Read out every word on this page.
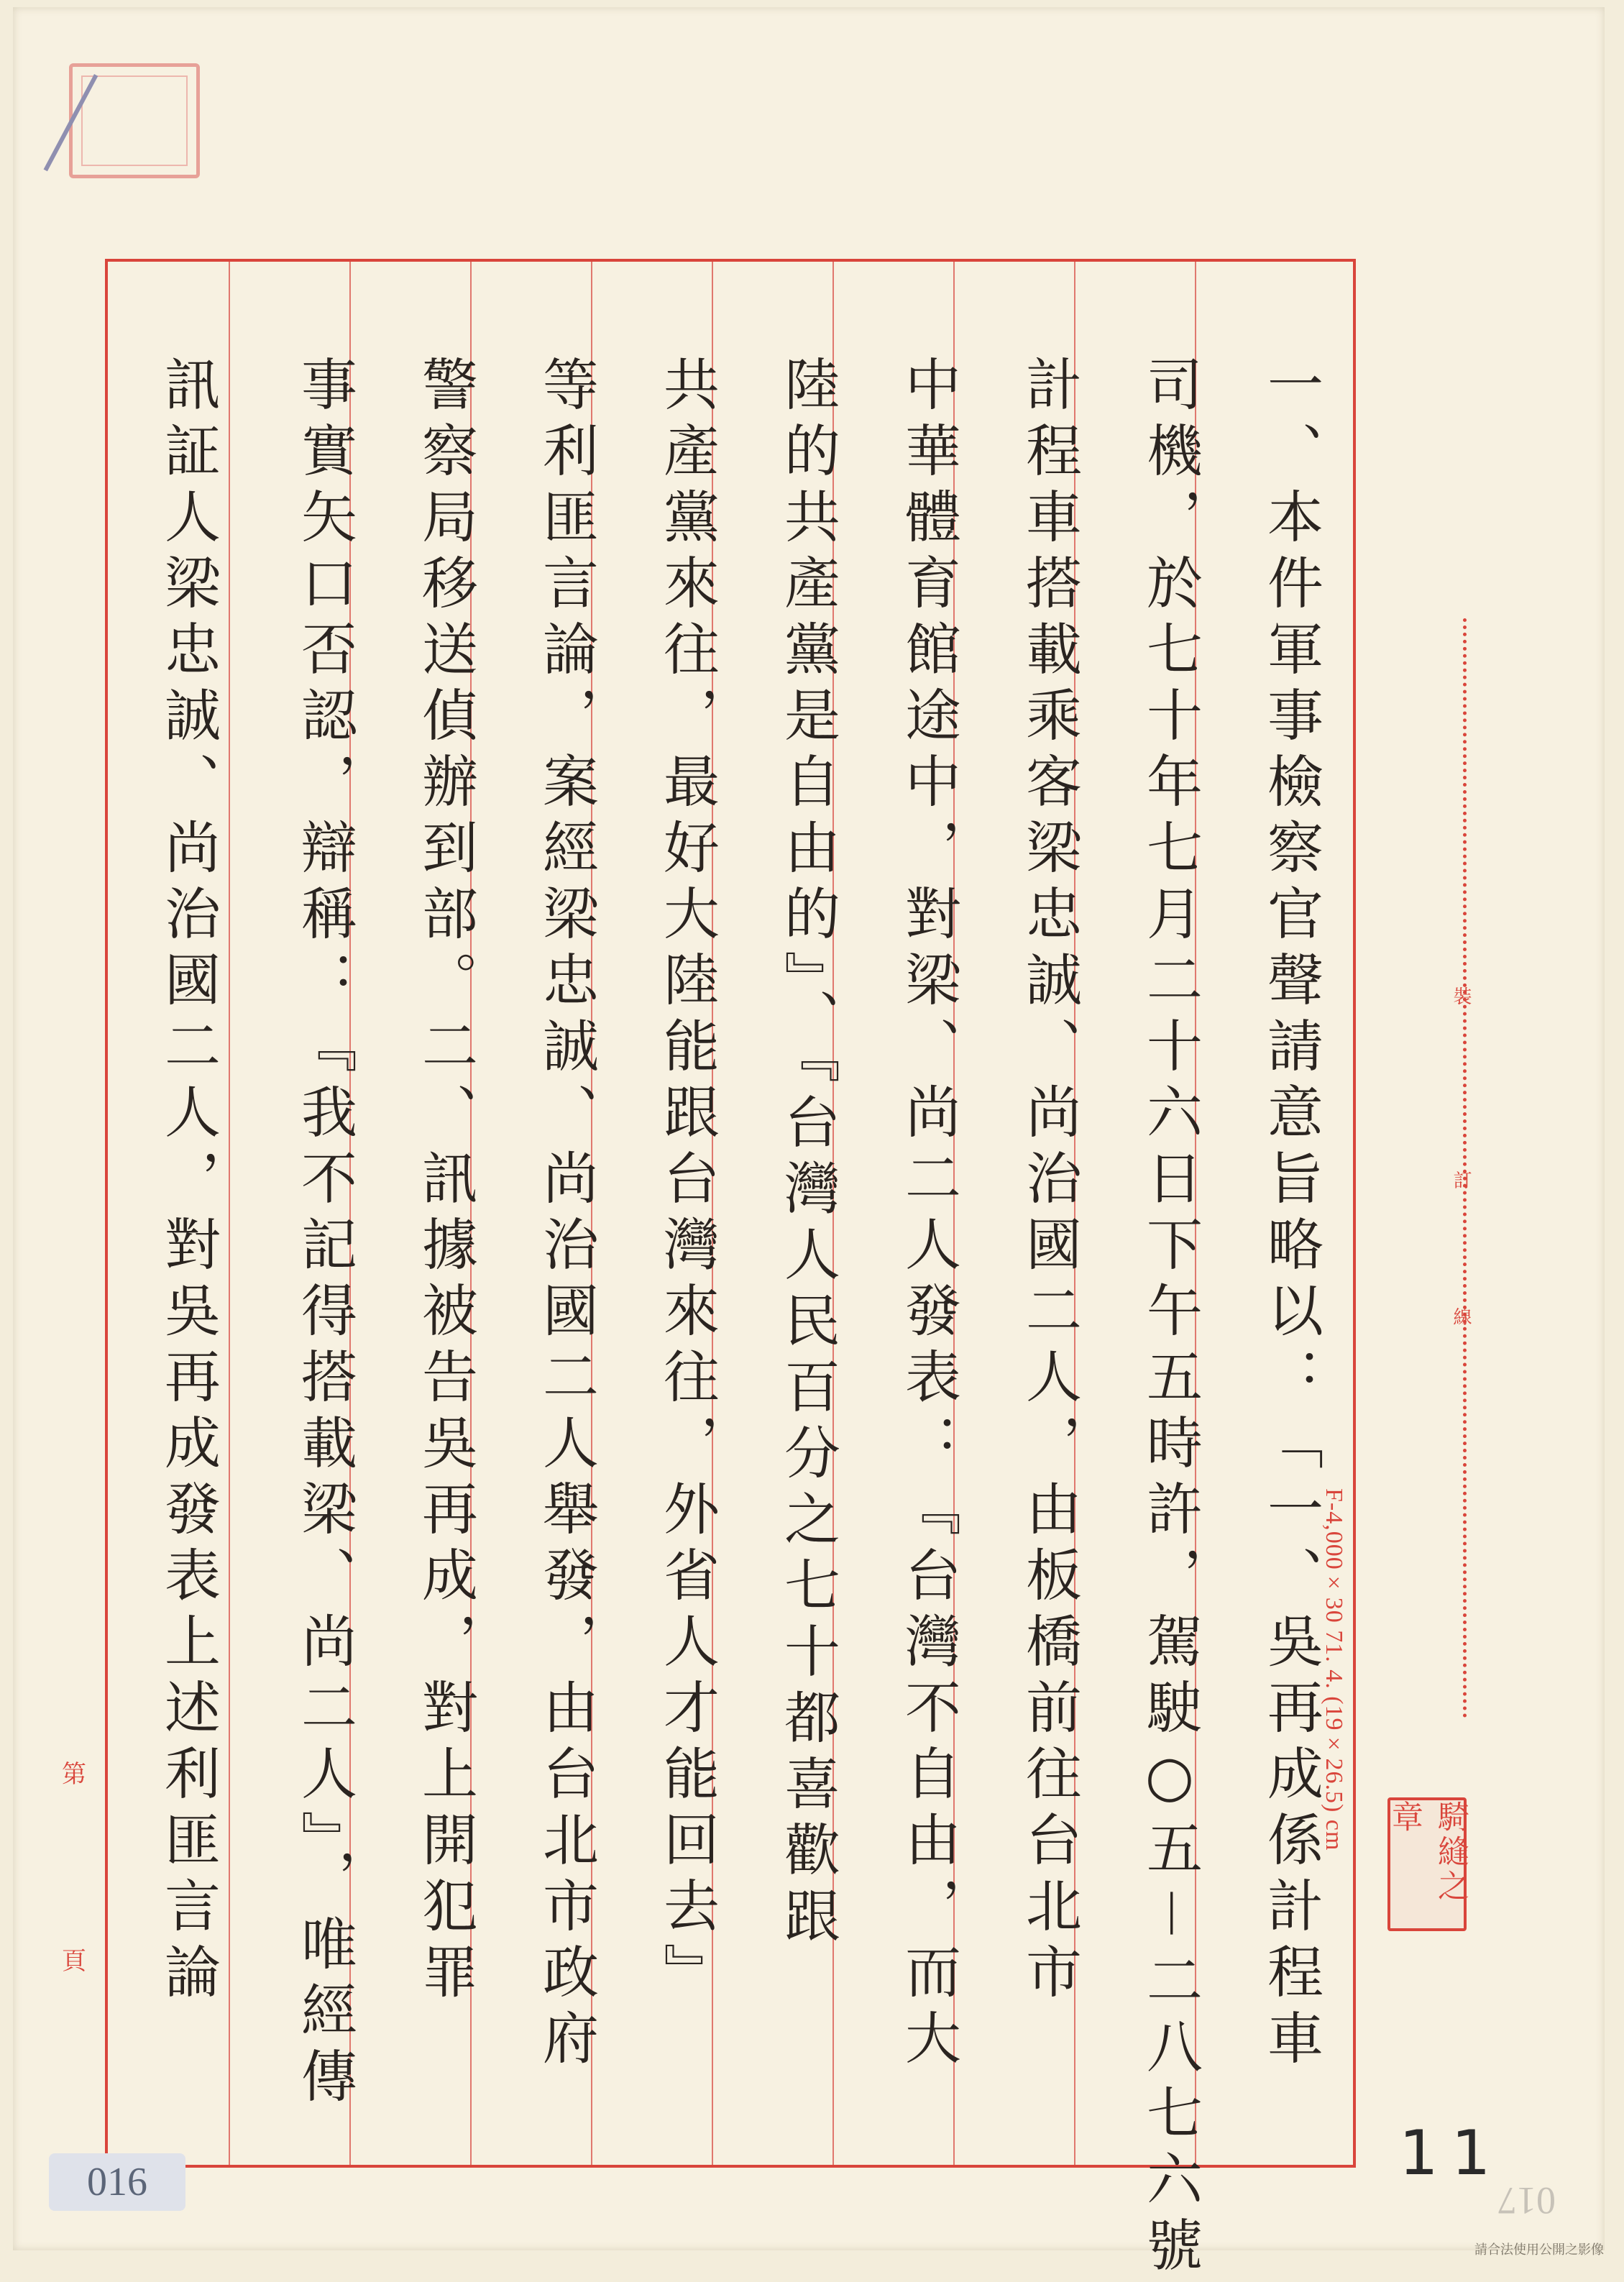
一、本件軍事檢察官聲請意旨略以：「一、吳再成係計程車
司機，於七十年七月二十六日下午五時許，駕駛○五－二八七六號
計程車搭載乘客梁忠誠、尚治國二人，由板橋前往台北市
中華體育館途中，對梁、尚二人發表：『台灣不自由，而大
陸的共產黨是自由的』、『台灣人民百分之七十都喜歡跟
共產黨來往，最好大陸能跟台灣來往，外省人才能回去』
等利匪言論，案經梁忠誠、尚治國二人舉發，由台北市政府
警察局移送偵辦到部。二、訊據被告吳再成，對上開犯罪
事實矢口否認，辯稱：『我不記得搭載梁、尚二人』，唯經傳
訊証人梁忠誠、尚治國二人，對吳再成發表上述利匪言論	裝
訂
線
F-4,000×30 71. 4. (19×26.5) cm
騎縫之章
第
頁
016	11
017
請合法使用公開之影像
